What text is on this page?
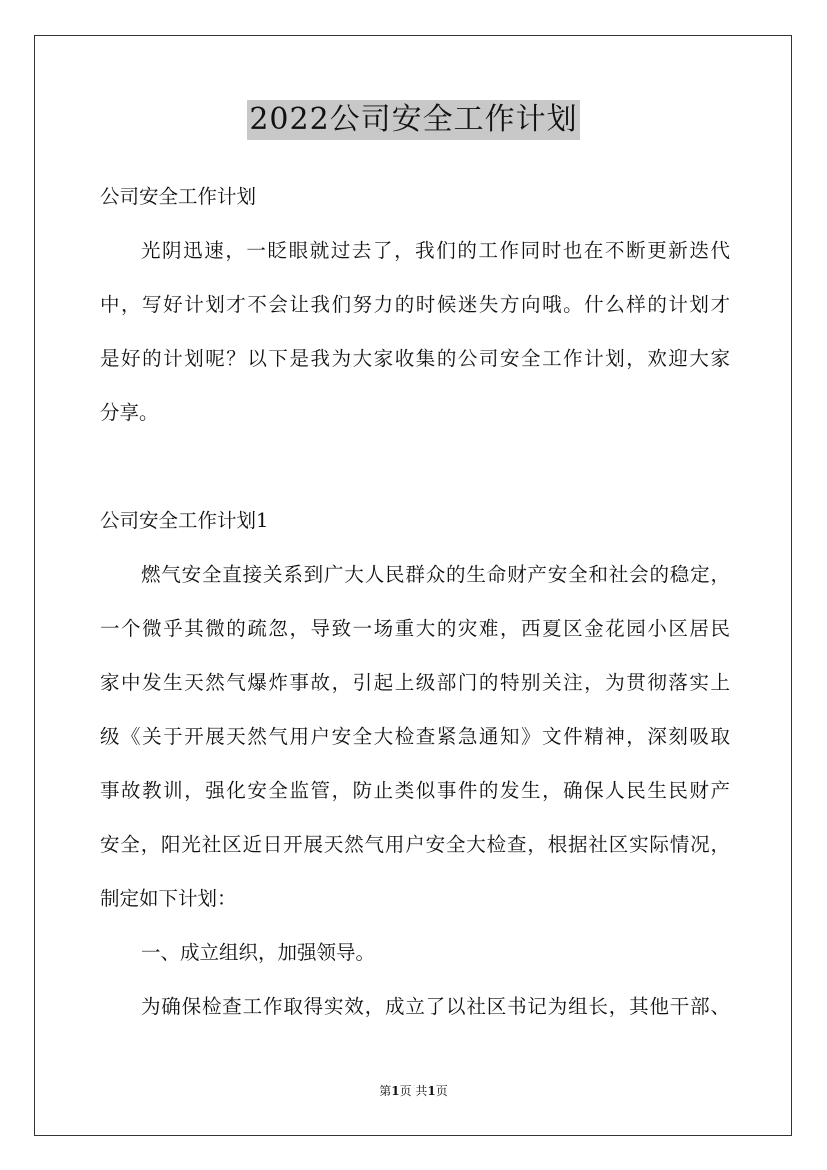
2022公司安全工作计划
公司安全工作计划
光阴迅速，一眨眼就过去了，我们的工作同时也在不断更新迭代
中，写好计划才不会让我们努力的时候迷失方向哦。什么样的计划才
是好的计划呢？以下是我为大家收集的公司安全工作计划，欢迎大家
分享。
公司安全工作计划1
燃气安全直接关系到广大人民群众的生命财产安全和社会的稳定，
一个微乎其微的疏忽，导致一场重大的灾难，西夏区金花园小区居民
家中发生天然气爆炸事故，引起上级部门的特别关注，为贯彻落实上
级《关于开展天然气用户安全大检查紧急通知》文件精神，深刻吸取
事故教训，强化安全监管，防止类似事件的发生，确保人民生民财产
安全，阳光社区近日开展天然气用户安全大检查，根据社区实际情况，
制定如下计划：
一、成立组织，加强领导。
为确保检查工作取得实效，成立了以社区书记为组长，其他干部、
第1页 共1页
